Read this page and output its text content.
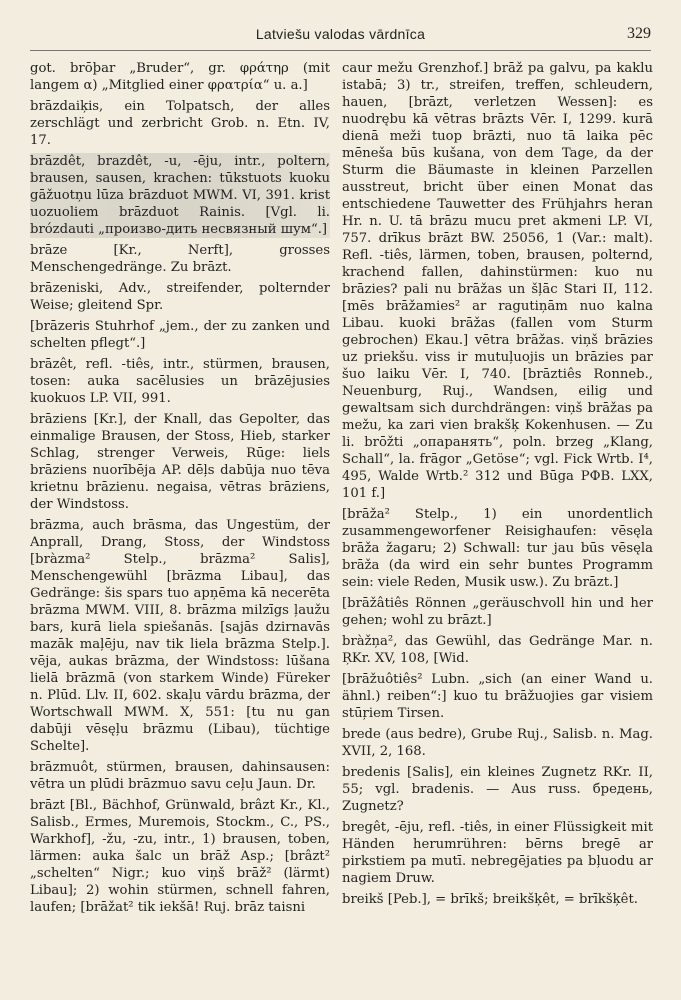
Latviešu valodas vārdnīca	329

got. brōþar „Bruder“, gr. φράτηρ (mit langem α) „Mitglied einer φρατρία“ u. a.]

brāzdaiķis, ein Tolpatsch, der alles zerschlägt und zerbricht Grob. n. Etn. IV, 17.

brāzdêt, brazdêt, -u, -ēju, intr., poltern, brausen, sausen, krachen: tūkstuots kuoku gāžuotņu lūza brāzduot MWM. VI, 391. krist uozuoliem brāzduot Rainis. [Vgl. li. brózdauti „произво-дить несвязный шум“.]

brāze [Kr., Nerft], grosses Menschengedränge. Zu brāzt.

brāzeniski, Adv., streifender, polternder Weise; gleitend Spr.

[brāzeris Stuhrhof „jem., der zu zanken und schelten pflegt“.]

brāzêt, refl. -tiês, intr., stürmen, brausen, tosen: auka sacēlusies un brāzējusies kuokuos LP. VII, 991.

brāziens [Kr.], der Knall, das Gepolter, das einmalige Brausen, der Stoss, Hieb, starker Schlag, strenger Verweis, Rūge: liels brāziens nuorībēja AP. dēļs dabūja nuo tēva krietnu brāzienu. negaisa, vētras brāziens, der Windstoss.

brāzma, auch brāsma, das Ungestüm, der Anprall, Drang, Stoss, der Windstoss [bràzma² Stelp., brāzma² Salis], Menschengewühl [brāzma Libau], das Gedränge: šis spars tuo apņēma kā necerēta brāzma MWM. VIII, 8. brāzma milzīgs ļaužu bars, kurā liela spiešanās. [sajās dzirnavās mazāk maļēju, nav tik liela brāzma Stelp.]. vēja, aukas brāzma, der Windstoss: lūšana lielā brāzmā (von starkem Winde) Füreker n. Plūd. Llv. II, 602. skaļu vārdu brāzma, der Wortschwall MWM. X, 551: [tu nu gan dabūji vēsęļu brāzmu (Libau), tüchtige Schelte].

brāzmuôt, stürmen, brausen, dahinsausen: vētra un plūdi brāzmuo savu ceļu Jaun. Dr.

brāzt [Bl., Bächhof, Grünwald, brâzt Kr., Kl., Salisb., Ermes, Muremois, Stockm., C., PS., Warkhof], -žu, -zu, intr., 1) brausen, toben, lärmen: auka šalc un brāž Asp.; [brâzt² „schelten“ Nigr.; kuo viņš brāž² (lärmt) Libau]; 2) wohin stürmen, schnell fahren, laufen; [brāžat² tik iekšā! Ruj. brāz taisni

caur mežu Grenzhof.] brāž pa galvu, pa kaklu istabā; 3) tr., streifen, treffen, schleudern, hauen, [brāzt, verletzen Wessen]: es nuodrębu kā vētras brāzts Vēr. I, 1299. kurā dienā meži tuop brāzti, nuo tā laika pēc mēneša būs kušana, von dem Tage, da der Sturm die Bäumaste in kleinen Parzellen ausstreut, bricht über einen Monat das entschiedene Tauwetter des Frühjahrs heran Hr. n. U. tā brāzu mucu pret akmeni LP. VI, 757. drīkus brāzt BW. 25056, 1 (Var.: malt). Refl. -tiês, lärmen, toben, brausen, polternd, krachend fallen, dahinstürmen: kuo nu brāzies? pali nu brāžas un šļāc Stari II, 112. [mēs brāžamies² ar ragutiņām nuo kalna Libau. kuoki brāžas (fallen vom Sturm gebrochen) Ekau.] vētra brāžas. viņš brāzies uz priekšu. viss ir mutuļuojis un brāzies par šuo laiku Vēr. I, 740. [brāztiês Ronneb., Neuenburg, Ruj., Wandsen, eilig und gewaltsam sich durchdrängen: viņš brāžas pa mežu, ka zari vien brakšķ Kokenhusen. — Zu li. brōžti „опаранять“, poln. brzeg „Klang, Schall“, la. frāgor „Getöse“; vgl. Fick Wrtb. I⁴, 495, Walde Wrtb.² 312 und Būga РФВ. LXX, 101 f.]

[brāža² Stelp., 1) ein unordentlich zusammengeworfener Reisighaufen: vēsęla brāža žagaru; 2) Schwall: tur jau būs vēsęla brāža (da wird ein sehr buntes Programm sein: viele Reden, Musik usw.). Zu brāzt.]

[brāžâtiês Rönnen „geräuschvoll hin und her gehen; wohl zu brāzt.]

bràžņa², das Gewühl, das Gedränge Mar. n. ŖKr. XV, 108, [Wid.

[brāžuôtiês² Lubn. „sich (an einer Wand u. ähnl.) reiben“:] kuo tu brāžuojies gar visiem stūŗiem Tirsen.

brede (aus bedre), Grube Ruj., Salisb. n. Mag. XVII, 2, 168.

bredenis [Salis], ein kleines Zugnetz RKr. II, 55; vgl. bradenis. — Aus russ. бредень, Zugnetz?

bregêt, -ēju, refl. -tiês, in einer Flüssigkeit mit Händen herumrühren: bērns bregē ar pirkstiem pa mutī. nebregējaties pa bļuodu ar nagiem Druw.

breikš [Peb.], = brīkš; breikšķêt, = brīkšķêt.
